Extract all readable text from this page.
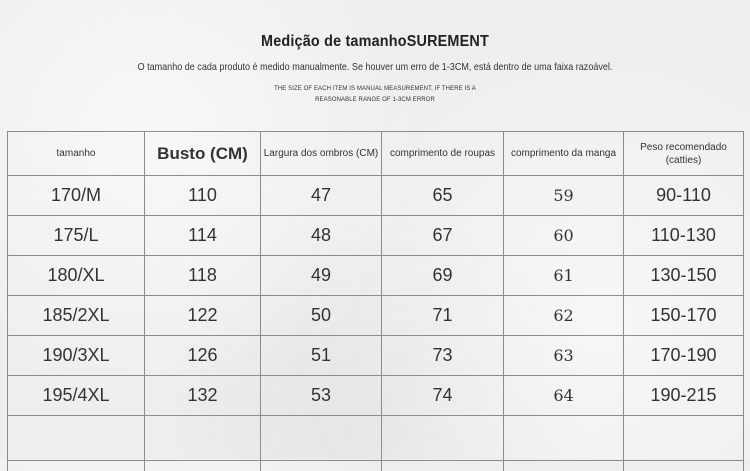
Medição de tamanhoSUREMENT
O tamanho de cada produto é medido manualmente. Se houver um erro de 1-3CM, está dentro de uma faixa razoável.
THE SIZE OF EACH ITEM IS MANUAL MEASUREMENT, IF THERE IS A
REASONABLE RANGE OF 1-3CM ERROR
tamanho	Busto (CM)	Largura dos ombros (CM)	comprimento de roupas	comprimento da manga	Peso recomendado
(catties)

170/M	110	47	65	59	90-110
175/L	114	48	67	60	110-130
180/XL	118	49	69	61	130-150
185/2XL	122	50	71	62	150-170
190/3XL	126	51	73	63	170-190
195/4XL	132	53	74	64	190-215
